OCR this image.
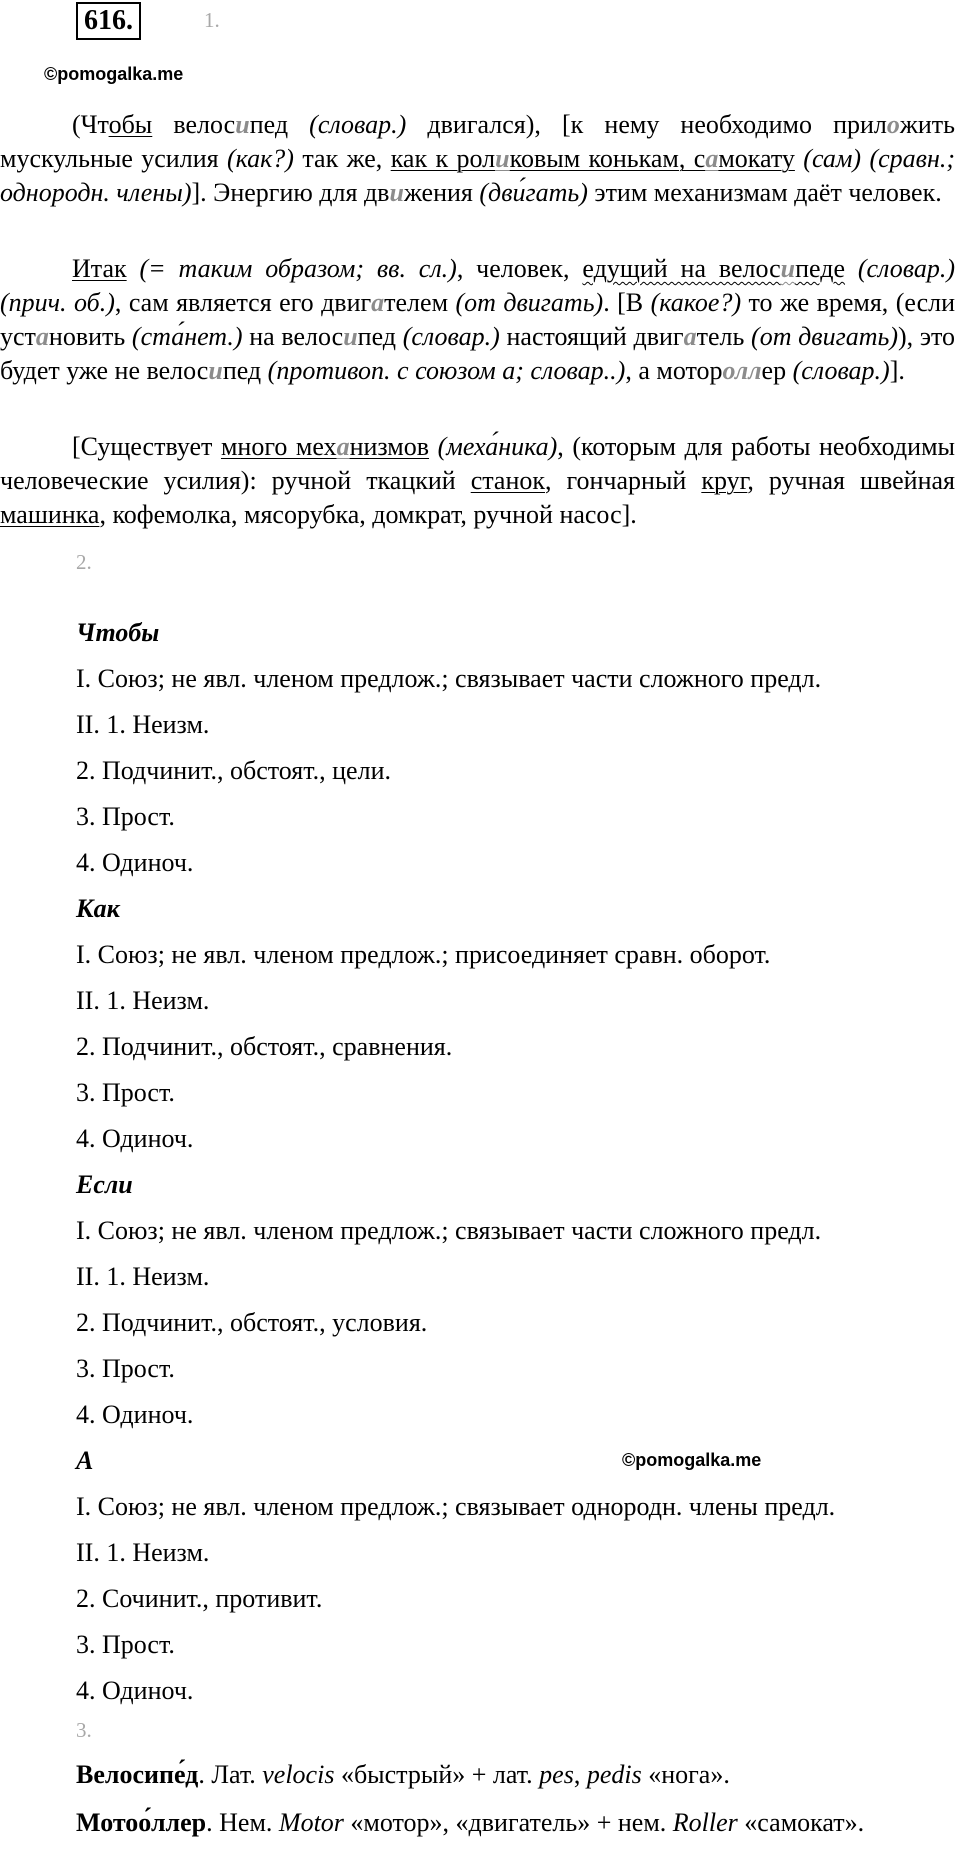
616.	1.
©pomogalka.me
(Чтобы велосипед (словар.) двигался), [к нему необходимо приложить мускульные усилия (как?) так же, как к роликовым конькам, самокату (сам) (сравн.; однородн. члены)]. Энергию для движения (дви́гать) этим механизмам даёт человек.
Итак (= таким образом; вв. сл.), человек, едущий на велосипеде (словар.) (прич. об.), сам является его двигателем (от двигать). [В (какое?) то же время, (если установить (ста́нет.) на велосипед (словар.) настоящий двигатель (от двигать)), это будет уже не велосипед (противоп. с союзом а; словар..), а мотороллер (словар.)].
[Существует много механизмов (меха́ника), (которым для работы необходимы человеческие усилия): ручной ткацкий станок, гончарный круг, ручная швейная машинка, кофемолка, мясорубка, домкрат, ручной насос].
2.
Чтобы
I. Союз; не явл. членом предлож.; связывает части сложного предл.
II. 1. Неизм.
2. Подчинит., обстоят., цели.
3. Прост.
4. Одиноч.
Как
I. Союз; не явл. членом предлож.; присоединяет сравн. оборот.
II. 1. Неизм.
2. Подчинит., обстоят., сравнения.
3. Прост.
4. Одиноч.
Если
I. Союз; не явл. членом предлож.; связывает части сложного предл.
II. 1. Неизм.
2. Подчинит., обстоят., условия.
3. Прост.
4. Одиноч.
А	©pomogalka.me
I. Союз; не явл. членом предлож.; связывает однородн. члены предл.
II. 1. Неизм.
2. Сочинит., противит.
3. Прост.
4. Одиноч.
3.
Велосипе́д. Лат. velocis «быстрый» + лат. pes, pedis «нога».
Мотоо́ллер. Нем. Motor «мотор», «двигатель» + нем. Roller «самокат».
